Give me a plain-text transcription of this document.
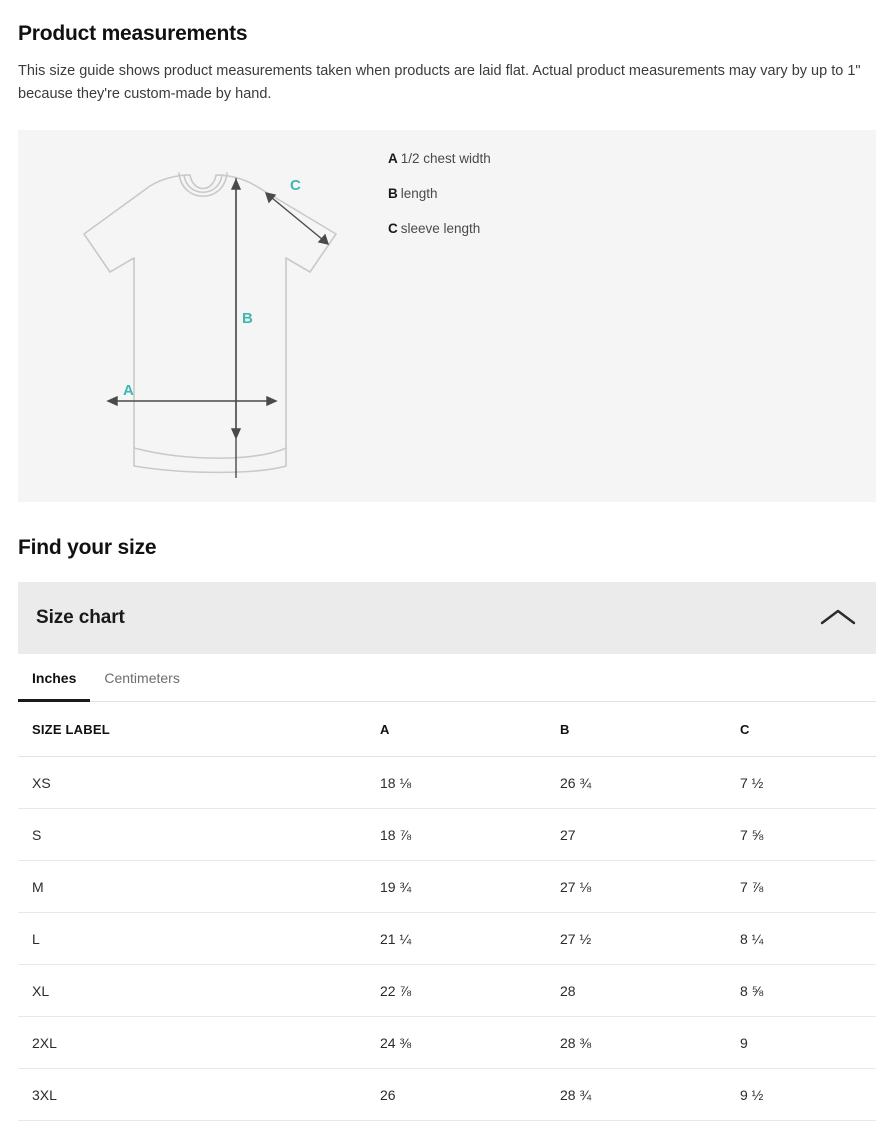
Product measurements

This size guide shows product measurements taken when products are laid flat. Actual product measurements may vary by up to 1" because they're custom-made by hand.

A
B
C
A 1/2 chest width
B length
C sleeve length
Find your size
Size chart
Inches	Centimeters
SIZE LABEL	A	B	C
XS	18 ⅛	26 ¾	7 ½
S	18 ⅞	27	7 ⅝
M	19 ¾	27 ⅛	7 ⅞
L	21 ¼	27 ½	8 ¼
XL	22 ⅞	28	8 ⅝
2XL	24 ⅜	28 ⅜	9
3XL	26	28 ¾	9 ½
